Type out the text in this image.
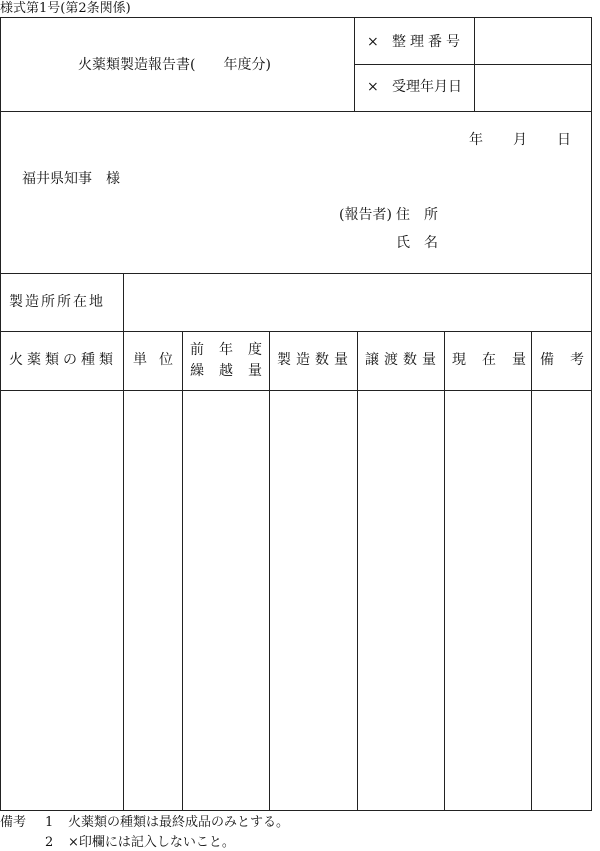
様式第1号(第2条関係)
火薬類製造報告書(　　年度分)
× 整理番号
× 受理年月日
年 月 日
福井県知事　様
(報告者) 住　所
氏　名
製造所所在地
火薬類の種類 単位
前年度
繰越量
製造数量 譲渡数量 現在量
備考
備考 1 火薬類の種類は最終成品のみとする。
2 ×印欄には記入しないこと。
